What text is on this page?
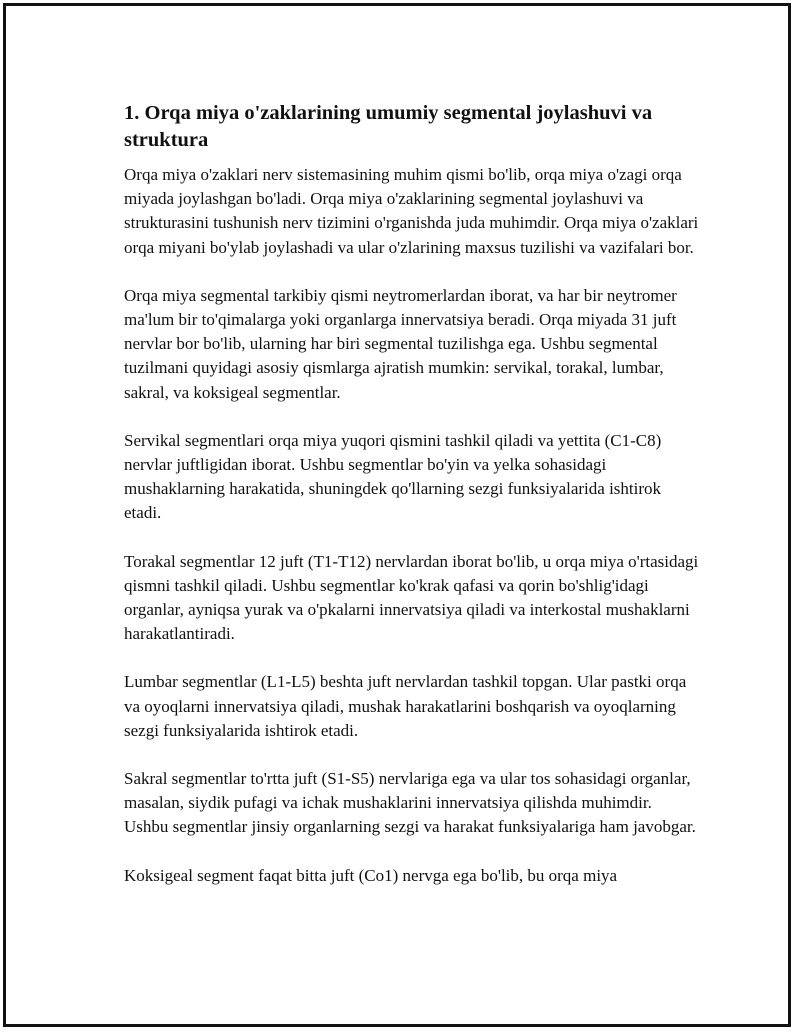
1. Orqa miya o'zaklarining umumiy segmental joylashuvi va struktura

Orqa miya o'zaklari nerv sistemasining muhim qismi bo'lib, orqa miya o'zagi orqa miyada joylashgan bo'ladi. Orqa miya o'zaklarining segmental joylashuvi va strukturasini tushunish nerv tizimini o'rganishda juda muhimdir. Orqa miya o'zaklari orqa miyani bo'ylab joylashadi va ular o'zlarining maxsus tuzilishi va vazifalari bor.

Orqa miya segmental tarkibiy qismi neytromerlardan iborat, va har bir neytromer ma'lum bir to'qimalarga yoki organlarga innervatsiya beradi. Orqa miyada 31 juft nervlar bor bo'lib, ularning har biri segmental tuzilishga ega. Ushbu segmental tuzilmani quyidagi asosiy qismlarga ajratish mumkin: servikal, torakal, lumbar, sakral, va koksigeal segmentlar.

Servikal segmentlari orqa miya yuqori qismini tashkil qiladi va yettita (C1-C8) nervlar juftligidan iborat. Ushbu segmentlar bo'yin va yelka sohasidagi mushaklarning harakatida, shuningdek qo'llarning sezgi funksiyalarida ishtirok etadi.

Torakal segmentlar 12 juft (T1-T12) nervlardan iborat bo'lib, u orqa miya o'rtasidagi qismni tashkil qiladi. Ushbu segmentlar ko'krak qafasi va qorin bo'shlig'idagi organlar, ayniqsa yurak va o'pkalarni innervatsiya qiladi va interkostal mushaklarni harakatlantiradi.

Lumbar segmentlar (L1-L5) beshta juft nervlardan tashkil topgan. Ular pastki orqa va oyoqlarni innervatsiya qiladi, mushak harakatlarini boshqarish va oyoqlarning sezgi funksiyalarida ishtirok etadi.

Sakral segmentlar to'rtta juft (S1-S5) nervlariga ega va ular tos sohasidagi organlar, masalan, siydik pufagi va ichak mushaklarini innervatsiya qilishda muhimdir. Ushbu segmentlar jinsiy organlarning sezgi va harakat funksiyalariga ham javobgar.

Koksigeal segment faqat bitta juft (Co1) nervga ega bo'lib, bu orqa miya
